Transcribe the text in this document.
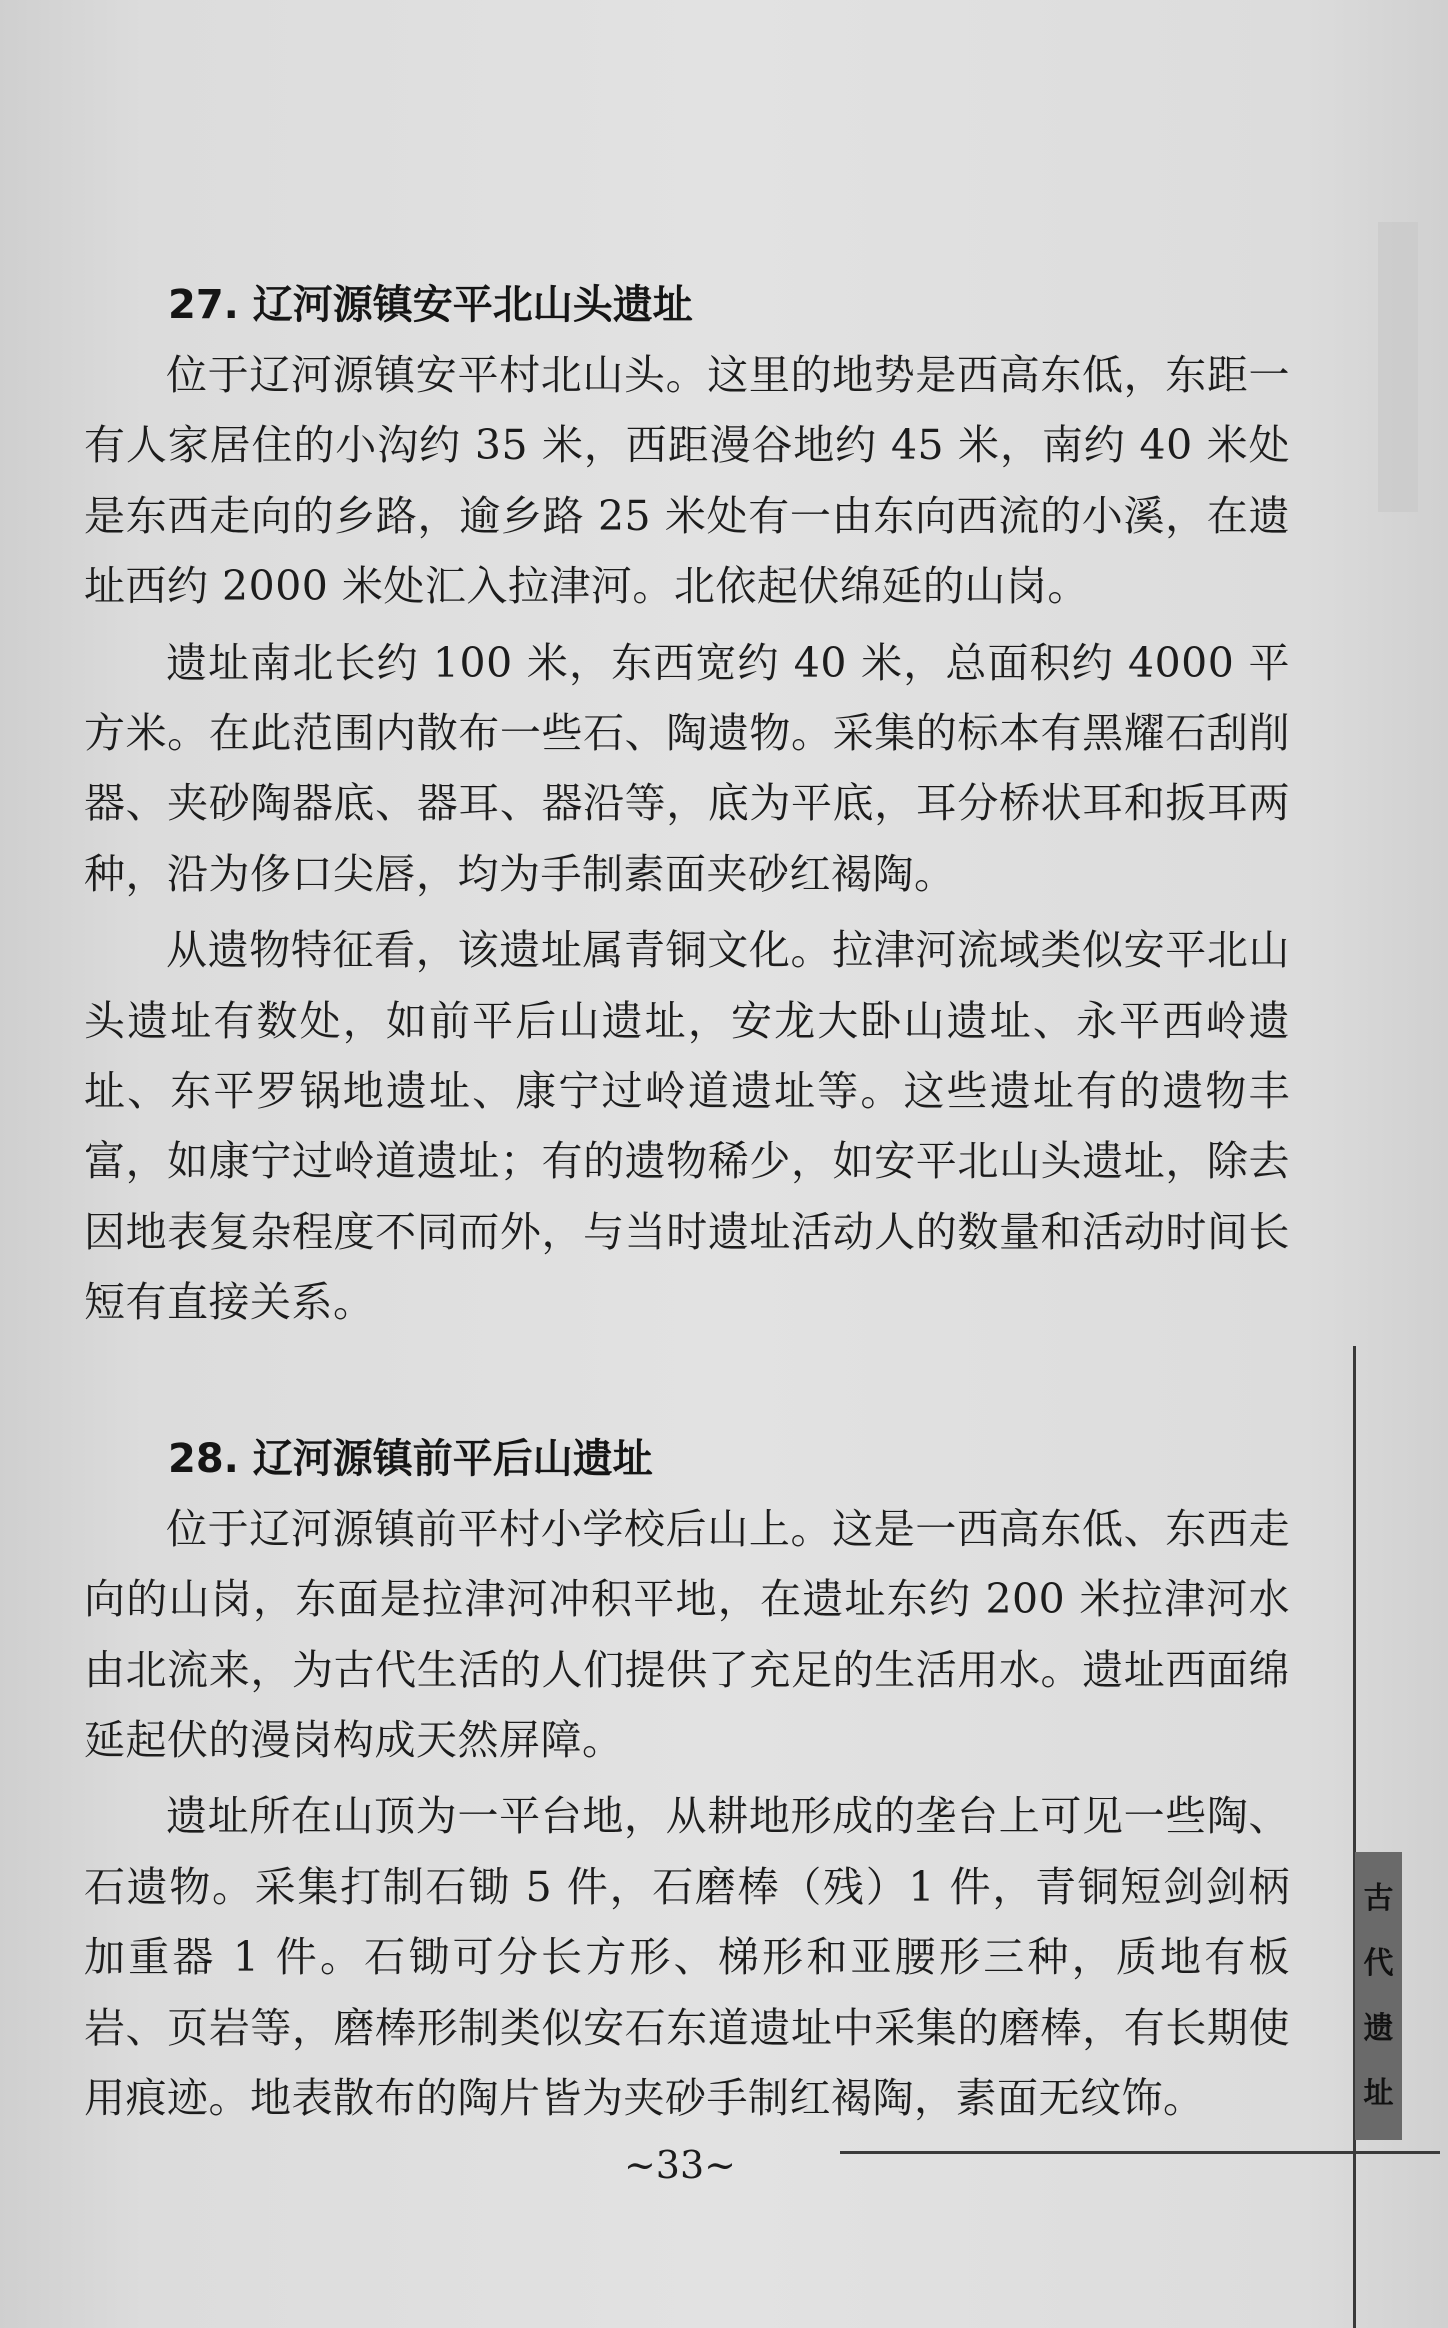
27. 辽河源镇安平北山头遗址

位于辽河源镇安平村北山头。这里的地势是西高东低，东距一有人家居住的小沟约 35 米，西距漫谷地约 45 米，南约 40 米处是东西走向的乡路，逾乡路 25 米处有一由东向西流的小溪，在遗址西约 2000 米处汇入拉津河。北依起伏绵延的山岗。

遗址南北长约 100 米，东西宽约 40 米，总面积约 4000 平方米。在此范围内散布一些石、陶遗物。采集的标本有黑耀石刮削器、夹砂陶器底、器耳、器沿等，底为平底，耳分桥状耳和扳耳两种，沿为侈口尖唇，均为手制素面夹砂红褐陶。

从遗物特征看，该遗址属青铜文化。拉津河流域类似安平北山头遗址有数处，如前平后山遗址，安龙大卧山遗址、永平西岭遗址、东平罗锅地遗址、康宁过岭道遗址等。这些遗址有的遗物丰富，如康宁过岭道遗址；有的遗物稀少，如安平北山头遗址，除去因地表复杂程度不同而外，与当时遗址活动人的数量和活动时间长短有直接关系。

28. 辽河源镇前平后山遗址

位于辽河源镇前平村小学校后山上。这是一西高东低、东西走向的山岗，东面是拉津河冲积平地，在遗址东约 200 米拉津河水由北流来，为古代生活的人们提供了充足的生活用水。遗址西面绵延起伏的漫岗构成天然屏障。

遗址所在山顶为一平台地，从耕地形成的垄台上可见一些陶、石遗物。采集打制石锄 5 件，石磨棒（残）1 件，青铜短剑剑柄加重器 1 件。石锄可分长方形、梯形和亚腰形三种，质地有板岩、页岩等，磨棒形制类似安石东道遗址中采集的磨棒，有长期使用痕迹。地表散布的陶片皆为夹砂手制红褐陶，素面无纹饰。

~33~
古
代
遗
址
